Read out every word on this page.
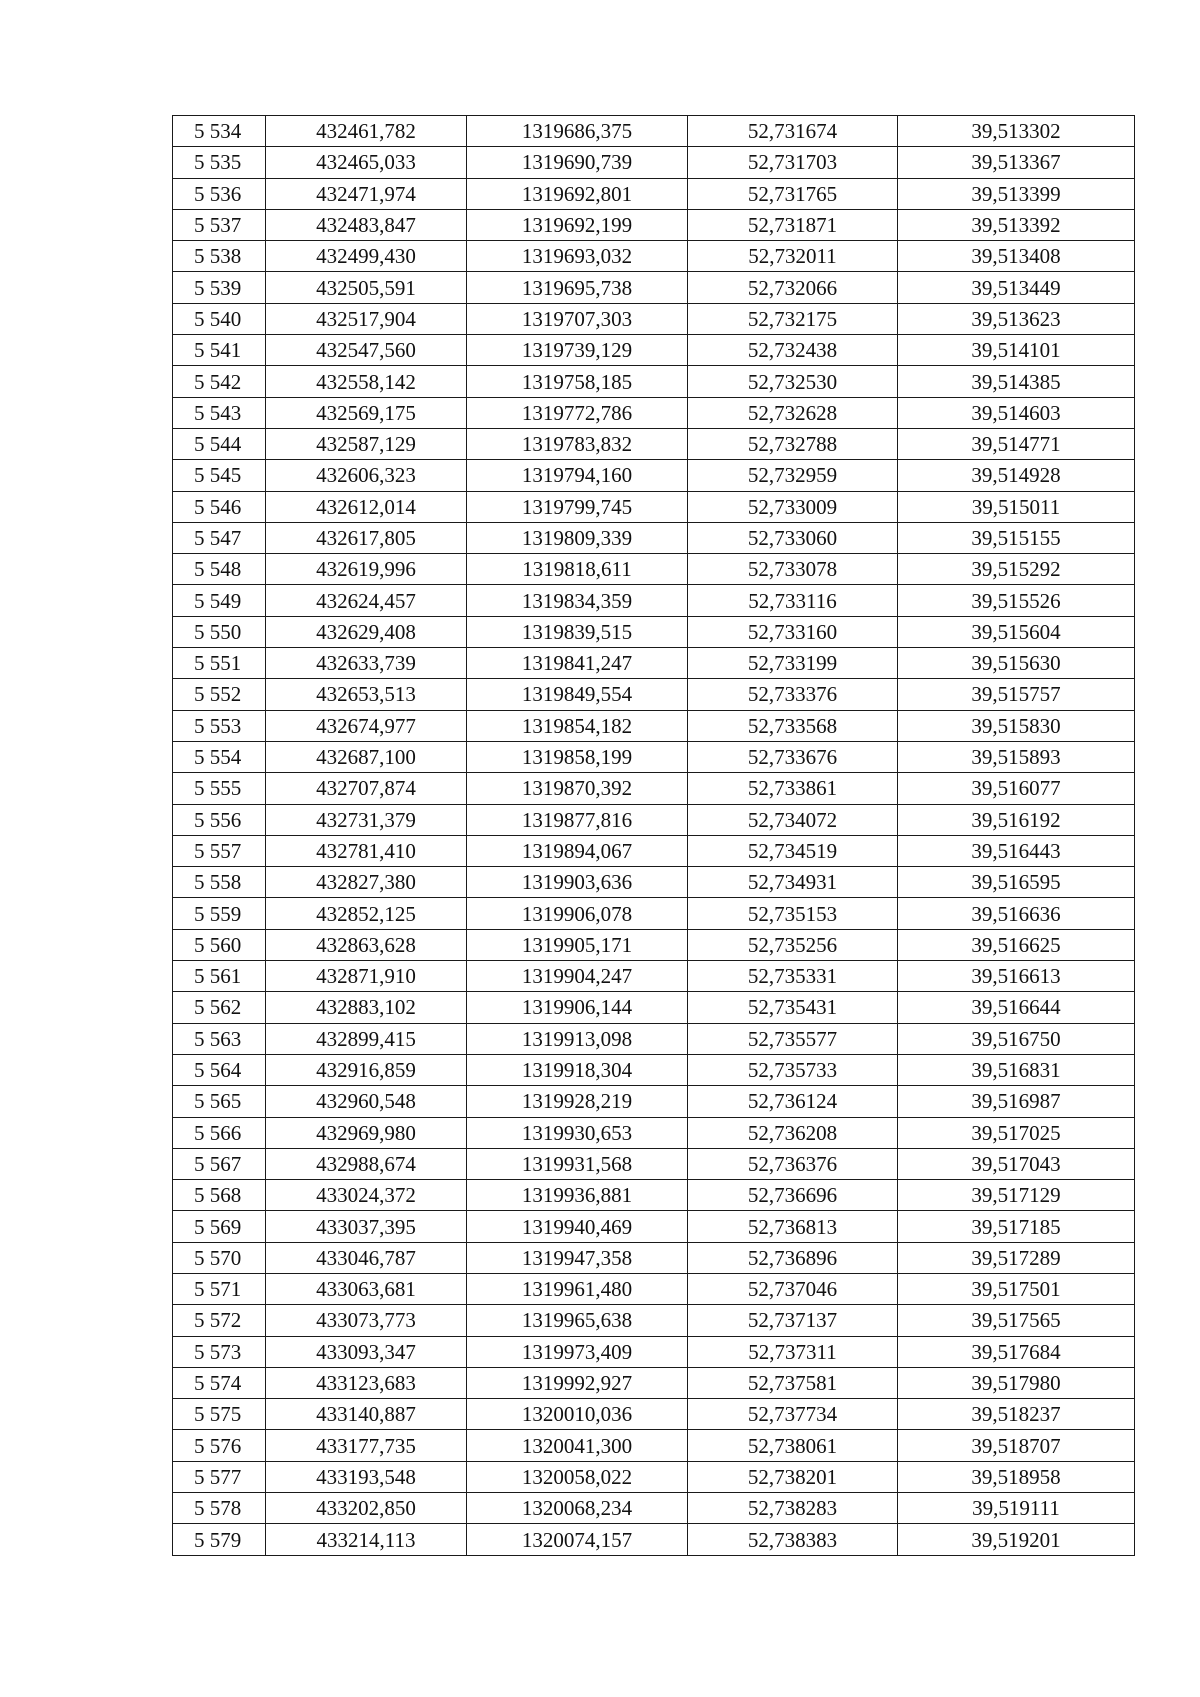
5 534	432461,782	1319686,375	52,731674	39,513302
5 535	432465,033	1319690,739	52,731703	39,513367
5 536	432471,974	1319692,801	52,731765	39,513399
5 537	432483,847	1319692,199	52,731871	39,513392
5 538	432499,430	1319693,032	52,732011	39,513408
5 539	432505,591	1319695,738	52,732066	39,513449
5 540	432517,904	1319707,303	52,732175	39,513623
5 541	432547,560	1319739,129	52,732438	39,514101
5 542	432558,142	1319758,185	52,732530	39,514385
5 543	432569,175	1319772,786	52,732628	39,514603
5 544	432587,129	1319783,832	52,732788	39,514771
5 545	432606,323	1319794,160	52,732959	39,514928
5 546	432612,014	1319799,745	52,733009	39,515011
5 547	432617,805	1319809,339	52,733060	39,515155
5 548	432619,996	1319818,611	52,733078	39,515292
5 549	432624,457	1319834,359	52,733116	39,515526
5 550	432629,408	1319839,515	52,733160	39,515604
5 551	432633,739	1319841,247	52,733199	39,515630
5 552	432653,513	1319849,554	52,733376	39,515757
5 553	432674,977	1319854,182	52,733568	39,515830
5 554	432687,100	1319858,199	52,733676	39,515893
5 555	432707,874	1319870,392	52,733861	39,516077
5 556	432731,379	1319877,816	52,734072	39,516192
5 557	432781,410	1319894,067	52,734519	39,516443
5 558	432827,380	1319903,636	52,734931	39,516595
5 559	432852,125	1319906,078	52,735153	39,516636
5 560	432863,628	1319905,171	52,735256	39,516625
5 561	432871,910	1319904,247	52,735331	39,516613
5 562	432883,102	1319906,144	52,735431	39,516644
5 563	432899,415	1319913,098	52,735577	39,516750
5 564	432916,859	1319918,304	52,735733	39,516831
5 565	432960,548	1319928,219	52,736124	39,516987
5 566	432969,980	1319930,653	52,736208	39,517025
5 567	432988,674	1319931,568	52,736376	39,517043
5 568	433024,372	1319936,881	52,736696	39,517129
5 569	433037,395	1319940,469	52,736813	39,517185
5 570	433046,787	1319947,358	52,736896	39,517289
5 571	433063,681	1319961,480	52,737046	39,517501
5 572	433073,773	1319965,638	52,737137	39,517565
5 573	433093,347	1319973,409	52,737311	39,517684
5 574	433123,683	1319992,927	52,737581	39,517980
5 575	433140,887	1320010,036	52,737734	39,518237
5 576	433177,735	1320041,300	52,738061	39,518707
5 577	433193,548	1320058,022	52,738201	39,518958
5 578	433202,850	1320068,234	52,738283	39,519111
5 579	433214,113	1320074,157	52,738383	39,519201
